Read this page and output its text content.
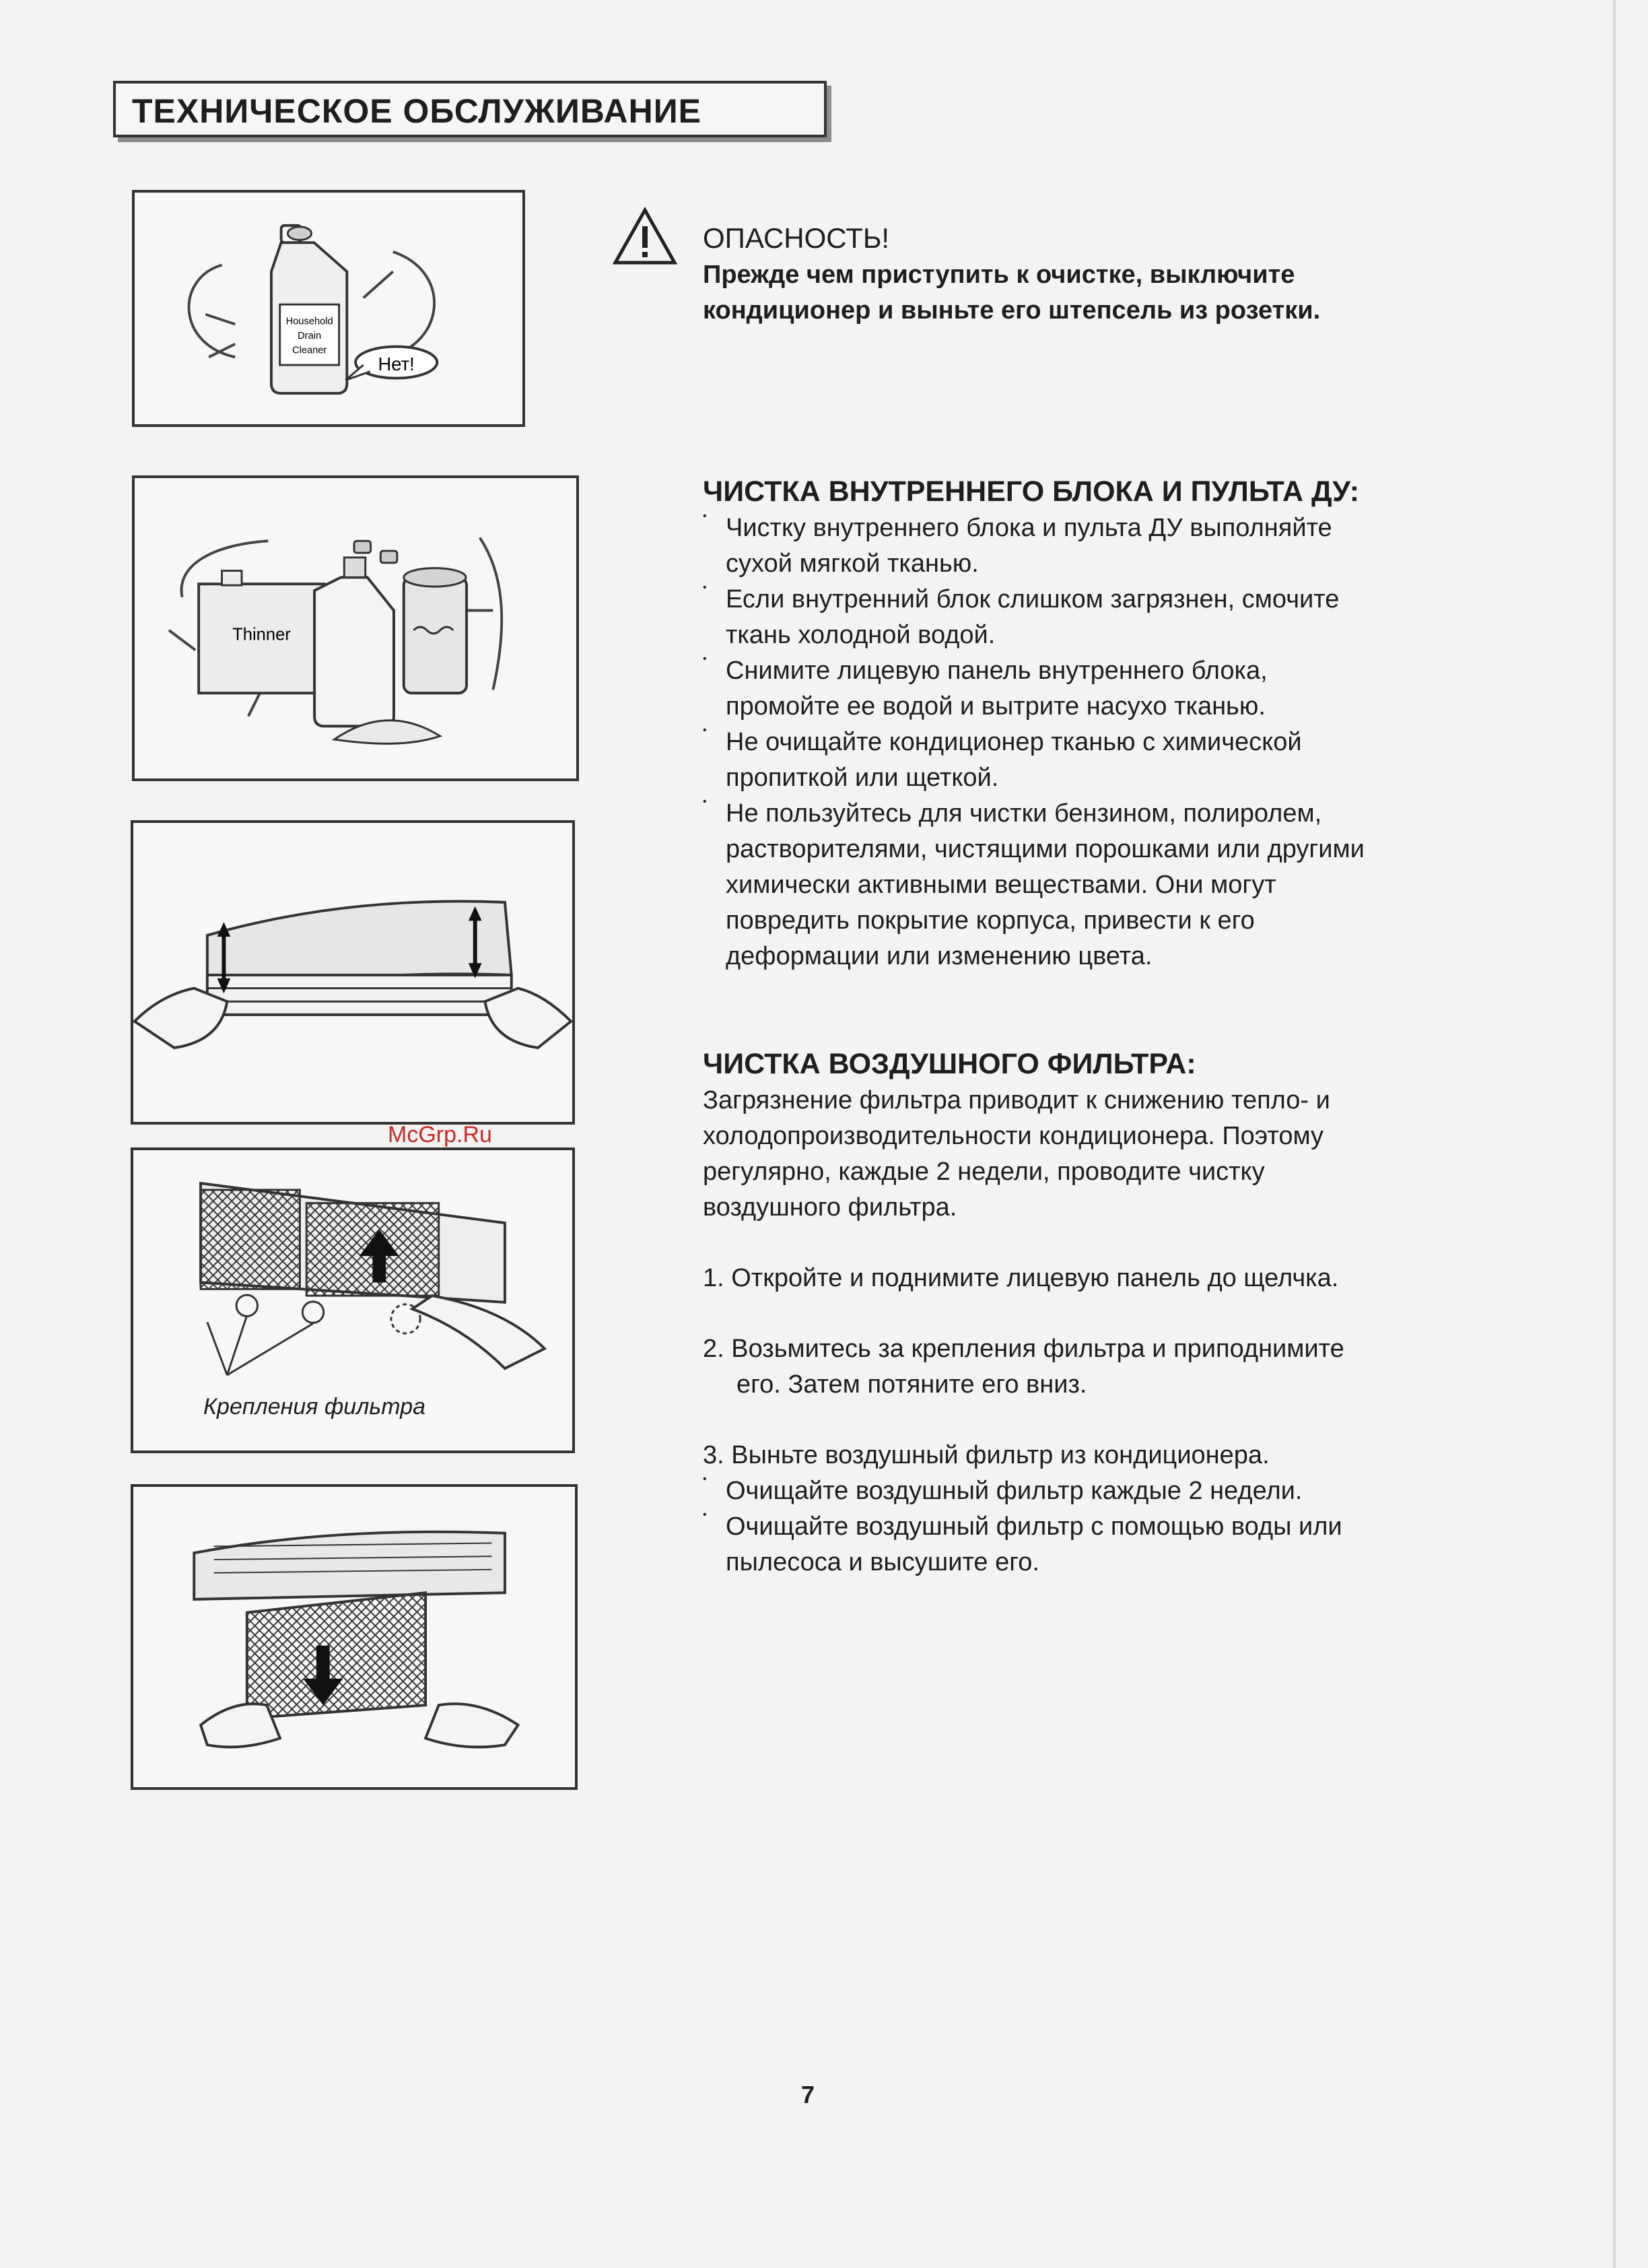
ТЕХНИЧЕСКОЕ ОБСЛУЖИВАНИЕ
Household
Drain
Cleaner
Нет!
Thinner
Крепления фильтра

ОПАСНОСТЬ!

Прежде чем приступить к очистке, выключите

кондиционер и выньте его штепсель из розетки.

ЧИСТКА ВНУТРЕННЕГО БЛОКА И ПУЛЬТА ДУ:

• Чистку внутреннего блока и пульта ДУ выполняйте

сухой мягкой тканью.

• Если внутренний блок слишком загрязнен, смочите

ткань холодной водой.

• Снимите лицевую панель внутреннего блока,

промойте ее водой и вытрите насухо тканью.

• Не очищайте кондиционер тканью с химической

пропиткой или щеткой.

• Не пользуйтесь для чистки бензином, полиролем,

растворителями, чистящими порошками или другими

химически активными веществами. Они могут

повредить покрытие корпуса, привести к его

деформации или изменению цвета.

ЧИСТКА ВОЗДУШНОГО ФИЛЬТРА:

Загрязнение фильтра приводит к снижению тепло- и

холодопроизводительности кондиционера. Поэтому

регулярно, каждые 2 недели, проводите чистку

воздушного фильтра.

1. Откройте и поднимите лицевую панель до щелчка.

2. Возьмитесь за крепления фильтра и приподнимите

его. Затем потяните его вниз.

3. Выньте воздушный фильтр из кондиционера.

• Очищайте воздушный фильтр каждые 2 недели.

• Очищайте воздушный фильтр с помощью воды или

пылесоса и высушите его.

McGrp.Ru
7
